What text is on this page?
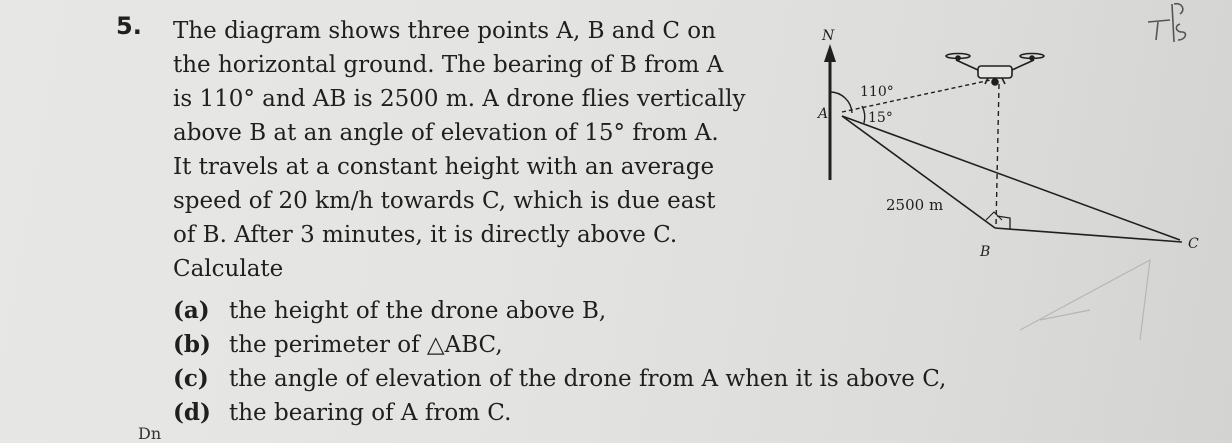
5. The diagram shows three points A, B and C on
the horizontal ground. The bearing of B from A
is 110° and AB is 2500 m. A drone flies vertically
above B at an angle of elevation of 15° from A.
It travels at a constant height with an average
speed of 20 km/h towards C, which is due east
of B. After 3 minutes, it is directly above C.
Calculate
(a) the height of the drone above B,
(b) the perimeter of △ABC,
(c) the angle of elevation of the drone from A when it is above C,
(d) the bearing of A from C.
N
110°
15°
A
2500 m
B	C
Dn
